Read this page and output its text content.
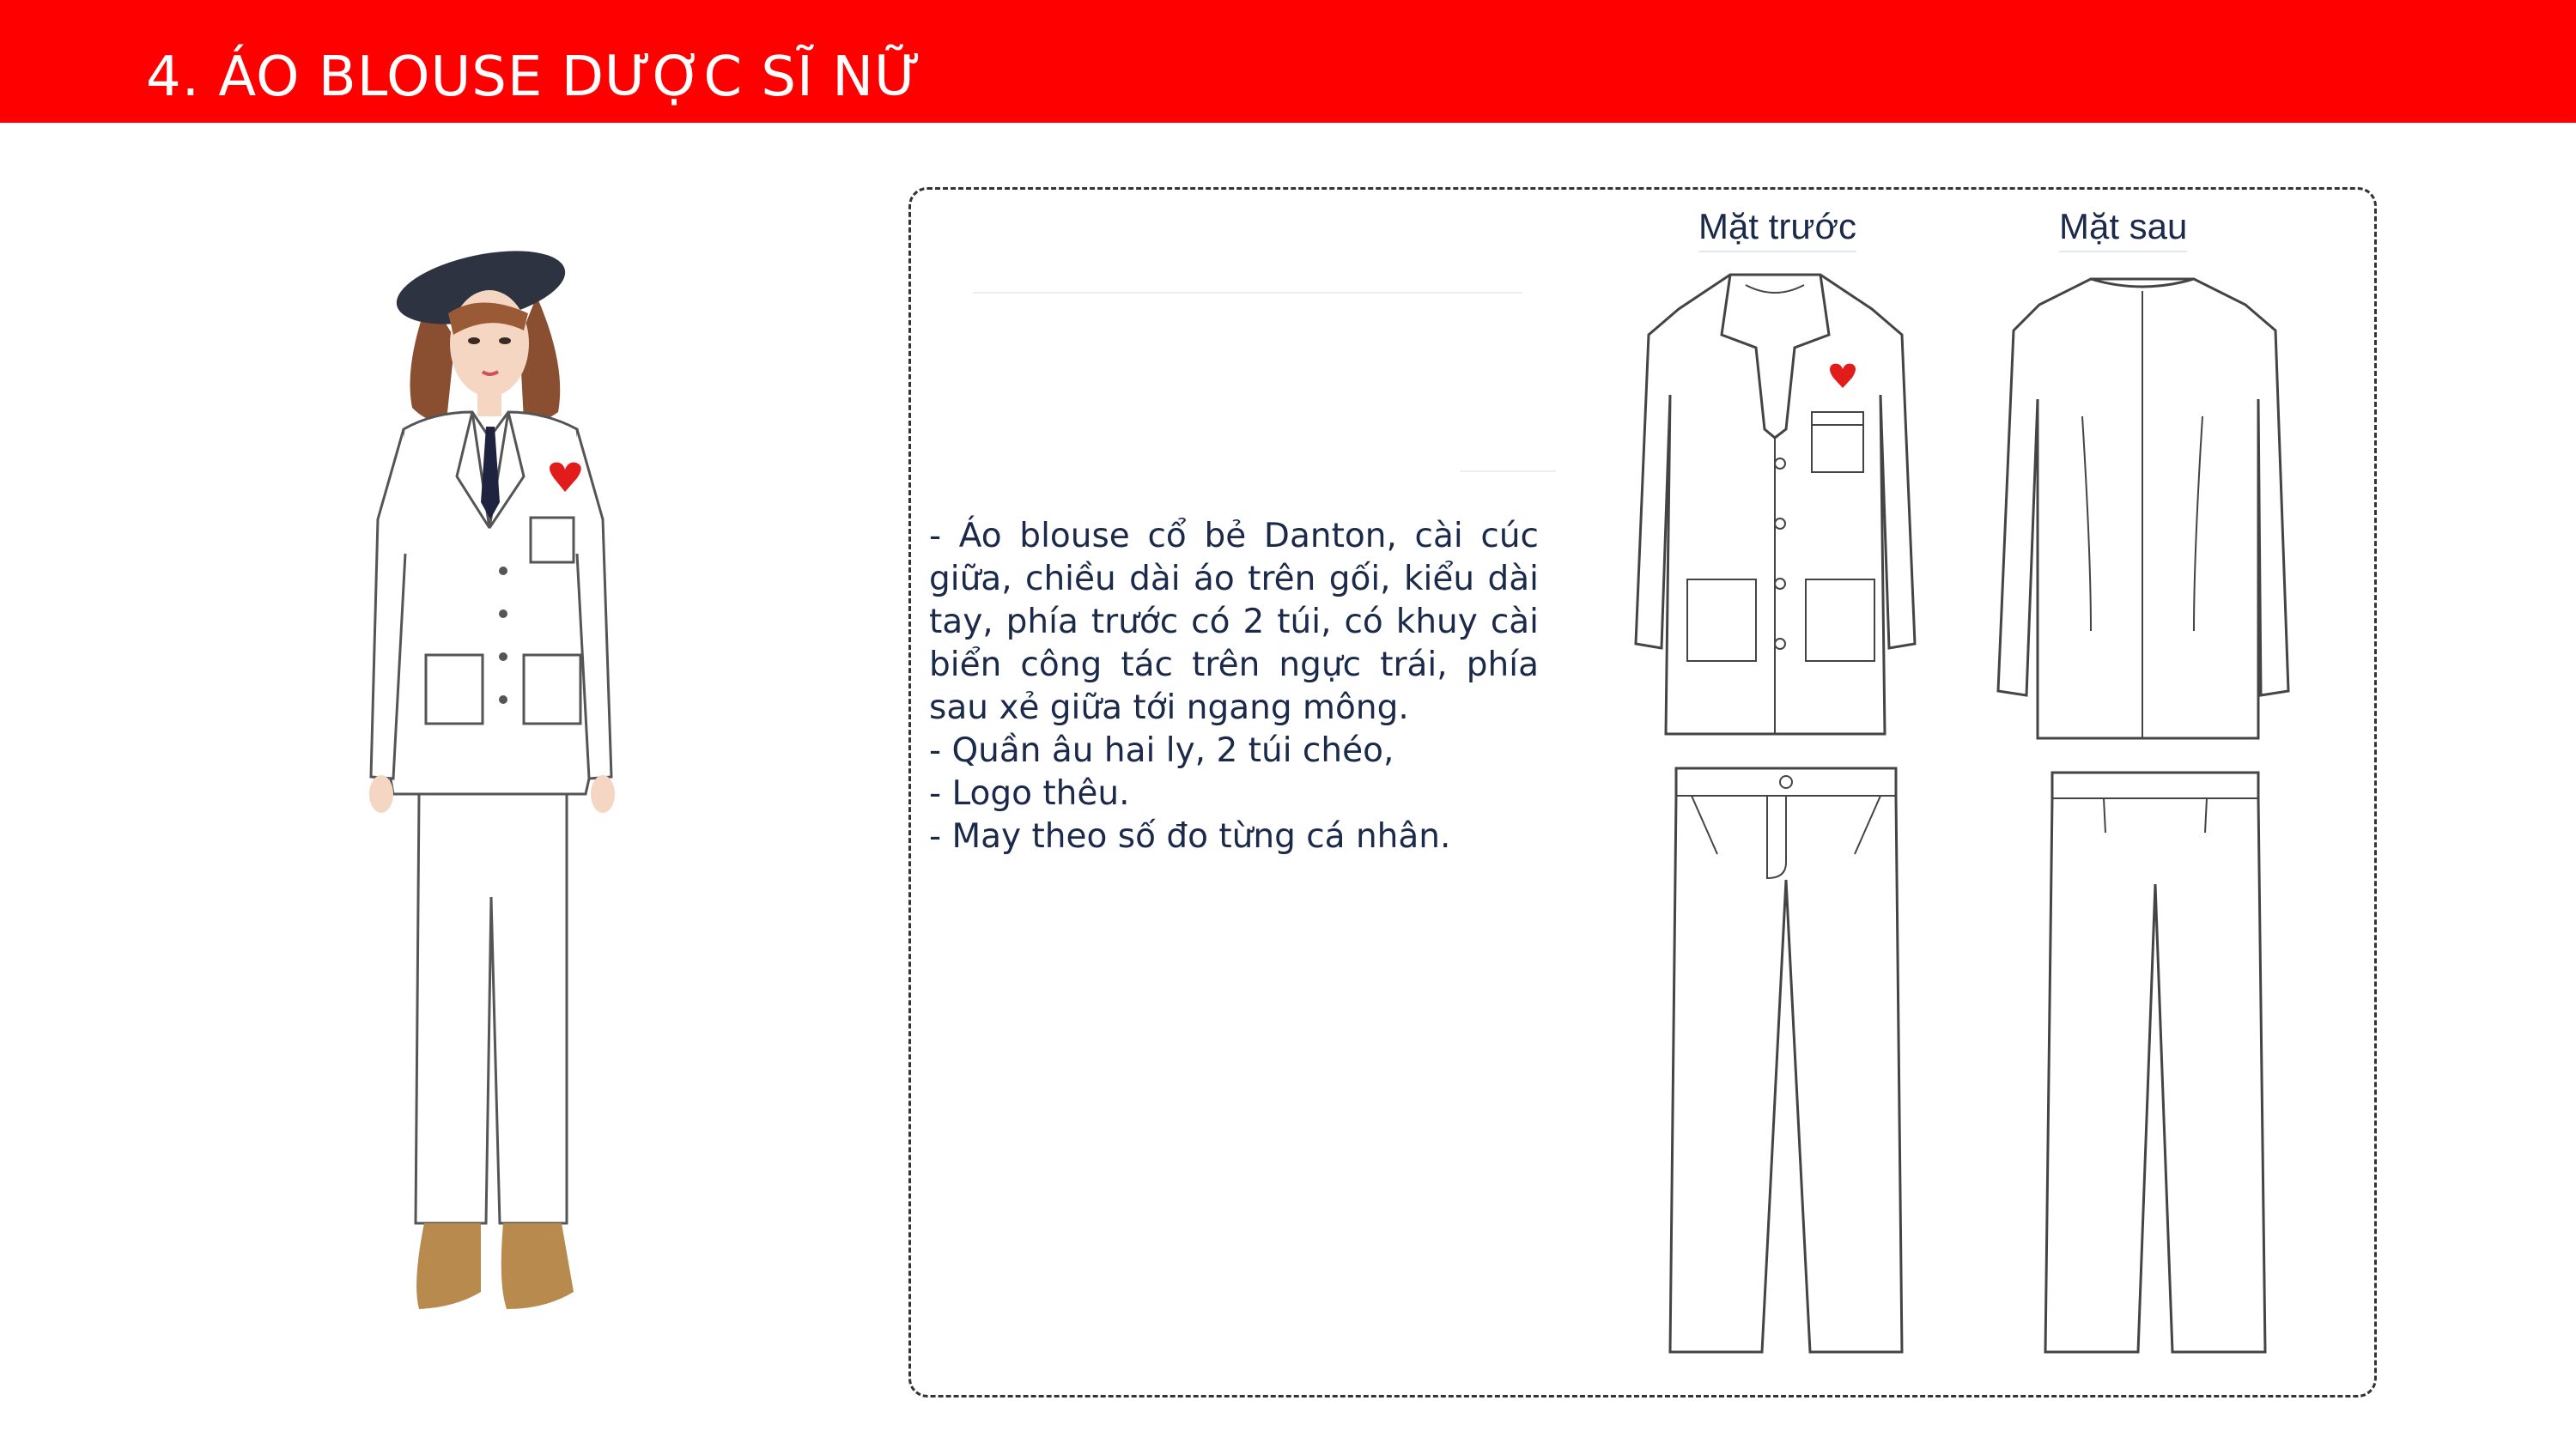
4. ÁO BLOUSE DƯỢC SĨ NỮ
- Áo blouse cổ bẻ Danton, cài cúc
giữa, chiều dài áo trên gối, kiểu dài
tay, phía trước có 2 túi, có khuy cài
biển công tác trên ngực trái, phía
sau xẻ giữa tới ngang mông.
- Quần âu hai ly, 2 túi chéo,
- Logo thêu.
- May theo số đo từng cá nhân.
Mặt trước	Mặt sau
